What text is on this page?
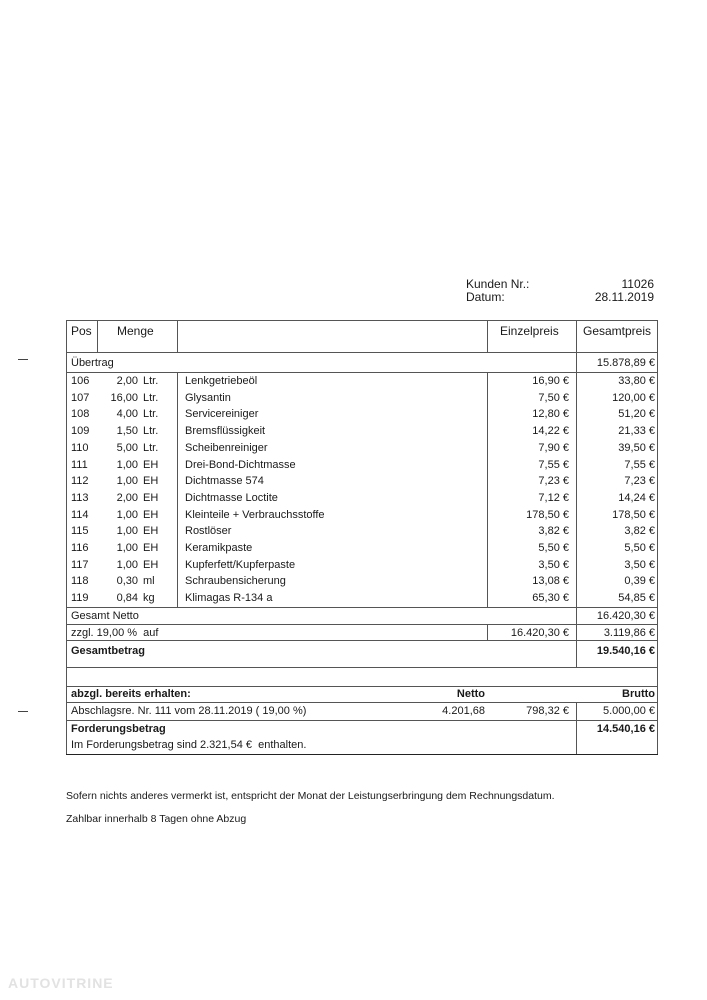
Kunden Nr.:	11026
Datum:	28.11.2019
Pos Menge	Einzelpreis Gesamtpreis
Übertrag	15.878,89 €
106 2,00 Ltr. Lenkgetriebeöl	16,90 €	33,80 €
107 16,00 Ltr. Glysantin	7,50 €	120,00 €
108 4,00 Ltr. Servicereiniger	12,80 €	51,20 €
109 1,50 Ltr. Bremsflüssigkeit	14,22 €	21,33 €
110	5,00 Ltr. Scheibenreiniger	7,90 €	39,50 €
111	1,00 EH Drei-Bond-Dichtmasse	7,55 €	7,55 €
112	1,00 EH Dichtmasse 574	7,23 €	7,23 €
113	2,00 EH Dichtmasse Loctite	7,12 €	14,24 €
114	1,00 EH Kleinteile + Verbrauchsstoffe	178,50 €	178,50 €
115	1,00 EH Rostlöser	3,82 €	3,82 €
116	1,00 EH Keramikpaste	5,50 €	5,50 €
117	1,00 EH Kupferfett/Kupferpaste	3,50 €	3,50 €
118	0,30 ml	Schraubensicherung	13,08 €	0,39 €
119	0,84 kg	Klimagas R-134 a	65,30 €	54,85 €
Gesamt Netto	16.420,30 €
zzgl. 19,00 %  auf	16.420,30 €	3.119,86 €
Gesamtbetrag	19.540,16 €
abzgl. bereits erhalten:	Netto	Brutto
Abschlagsre. Nr. 111 vom 28.11.2019 ( 19,00 %)	4.201,68	798,32 €	5.000,00 €
Forderungsbetrag	14.540,16 €
Im Forderungsbetrag sind 2.321,54 €  enthalten.
Sofern nichts anderes vermerkt ist, entspricht der Monat der Leistungserbringung dem Rechnungsdatum.
Zahlbar innerhalb 8 Tagen ohne Abzug
AUTOVITRINE
